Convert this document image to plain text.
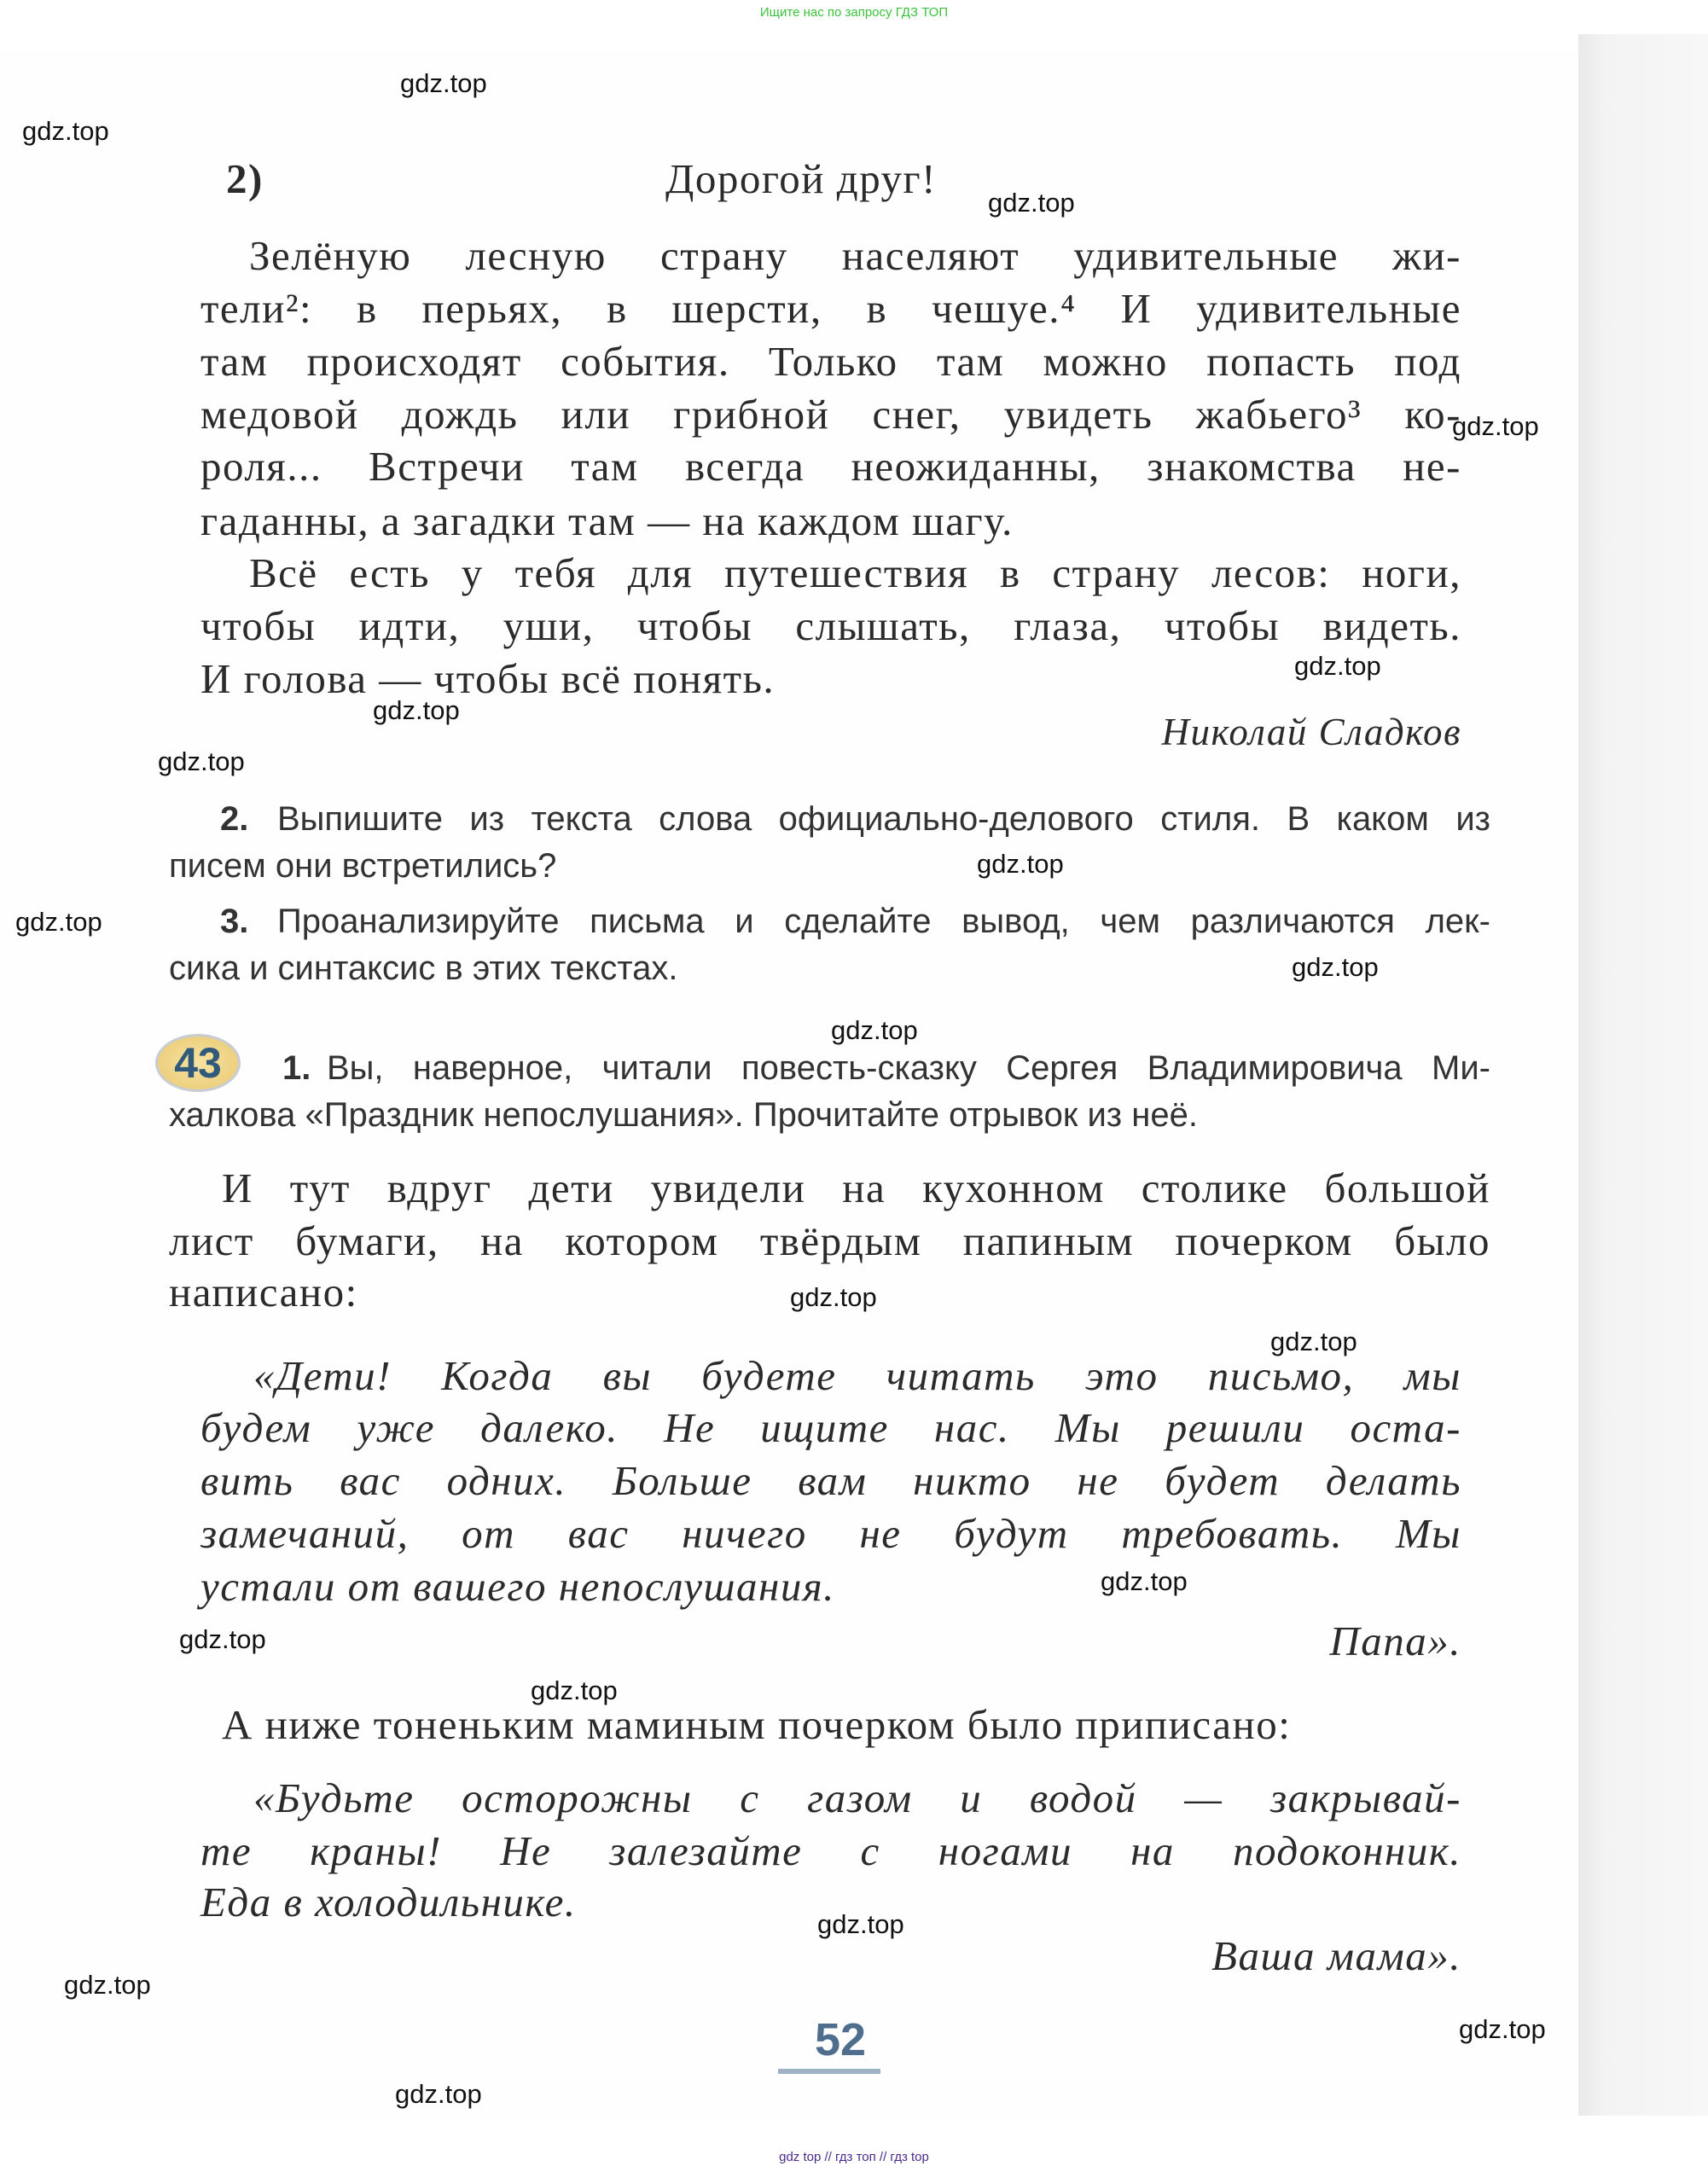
Ищите нас по запросу ГДЗ ТОП
gdz top // гдз топ // гдз top
2)	Дорогой друг!
Зелёную лесную страну населяют удивительные жи-
тели²: в перьях, в шерсти, в чешуе.⁴ И удивительные
там происходят события. Только там можно попасть под
медовой дождь или грибной снег, увидеть жабьего³ ко-
роля... Встречи там всегда неожиданны, знакомства не-
гаданны, а загадки там — на каждом шагу.
Всё есть у тебя для путешествия в страну лесов: ноги,
чтобы идти, уши, чтобы слышать, глаза, чтобы видеть.
И голова — чтобы всё понять.
Николай Сладков
2. Выпишите из текста слова официально-делового стиля. В каком из
писем они встретились?
3. Проанализируйте письма и сделайте вывод, чем различаются лек-
сика и синтаксис в этих текстах.
1. Вы, наверное, читали повесть-сказку Сергея Владимировича Ми-
халкова «Праздник непослушания». Прочитайте отрывок из неё.
43
И тут вдруг дети увидели на кухонном столике большой
лист бумаги, на котором твёрдым папиным почерком было
написано:
«Дети! Когда вы будете читать это письмо, мы
будем уже далеко. Не ищите нас. Мы решили оста-
вить вас одних. Больше вам никто не будет делать
замечаний, от вас ничего не будут требовать. Мы
устали от вашего непослушания.
Папа».
А ниже тоненьким маминым почерком было приписано:
«Будьте осторожны с газом и водой — закрывай-
те краны! Не залезайте с ногами на подоконник.
Еда в холодильнике.
Ваша мама».
52
gdz.top
gdz.top
gdz.top
gdz.top
gdz.top
gdz.top
gdz.top
gdz.top
gdz.top
gdz.top
gdz.top
gdz.top
gdz.top
gdz.top
gdz.top
gdz.top
gdz.top
gdz.top
gdz.top
gdz.top
